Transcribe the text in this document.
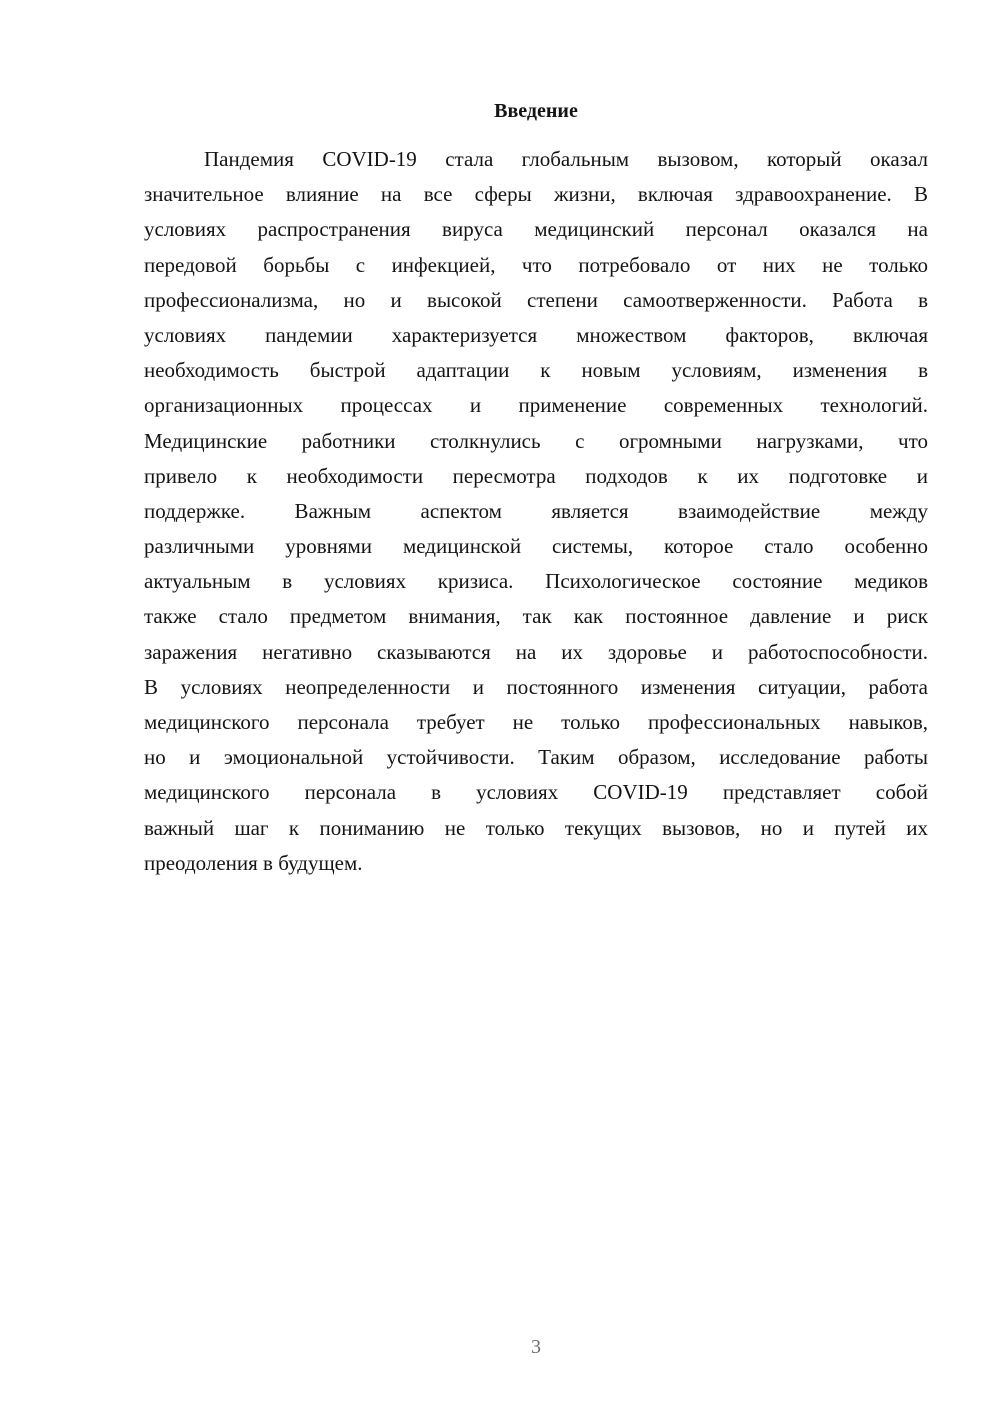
Введение
Пандемия COVID-19 стала глобальным вызовом, который оказал
значительное влияние на все сферы жизни, включая здравоохранение. В
условиях распространения вируса медицинский персонал оказался на
передовой борьбы с инфекцией, что потребовало от них не только
профессионализма, но и высокой степени самоотверженности. Работа в
условиях пандемии характеризуется множеством факторов, включая
необходимость быстрой адаптации к новым условиям, изменения в
организационных процессах и применение современных технологий.
Медицинские работники столкнулись с огромными нагрузками, что
привело к необходимости пересмотра подходов к их подготовке и
поддержке. Важным аспектом является взаимодействие между
различными уровнями медицинской системы, которое стало особенно
актуальным в условиях кризиса. Психологическое состояние медиков
также стало предметом внимания, так как постоянное давление и риск
заражения негативно сказываются на их здоровье и работоспособности.
В условиях неопределенности и постоянного изменения ситуации, работа
медицинского персонала требует не только профессиональных навыков,
но и эмоциональной устойчивости. Таким образом, исследование работы
медицинского персонала в условиях COVID-19 представляет собой
важный шаг к пониманию не только текущих вызовов, но и путей их
преодоления в будущем.
3
